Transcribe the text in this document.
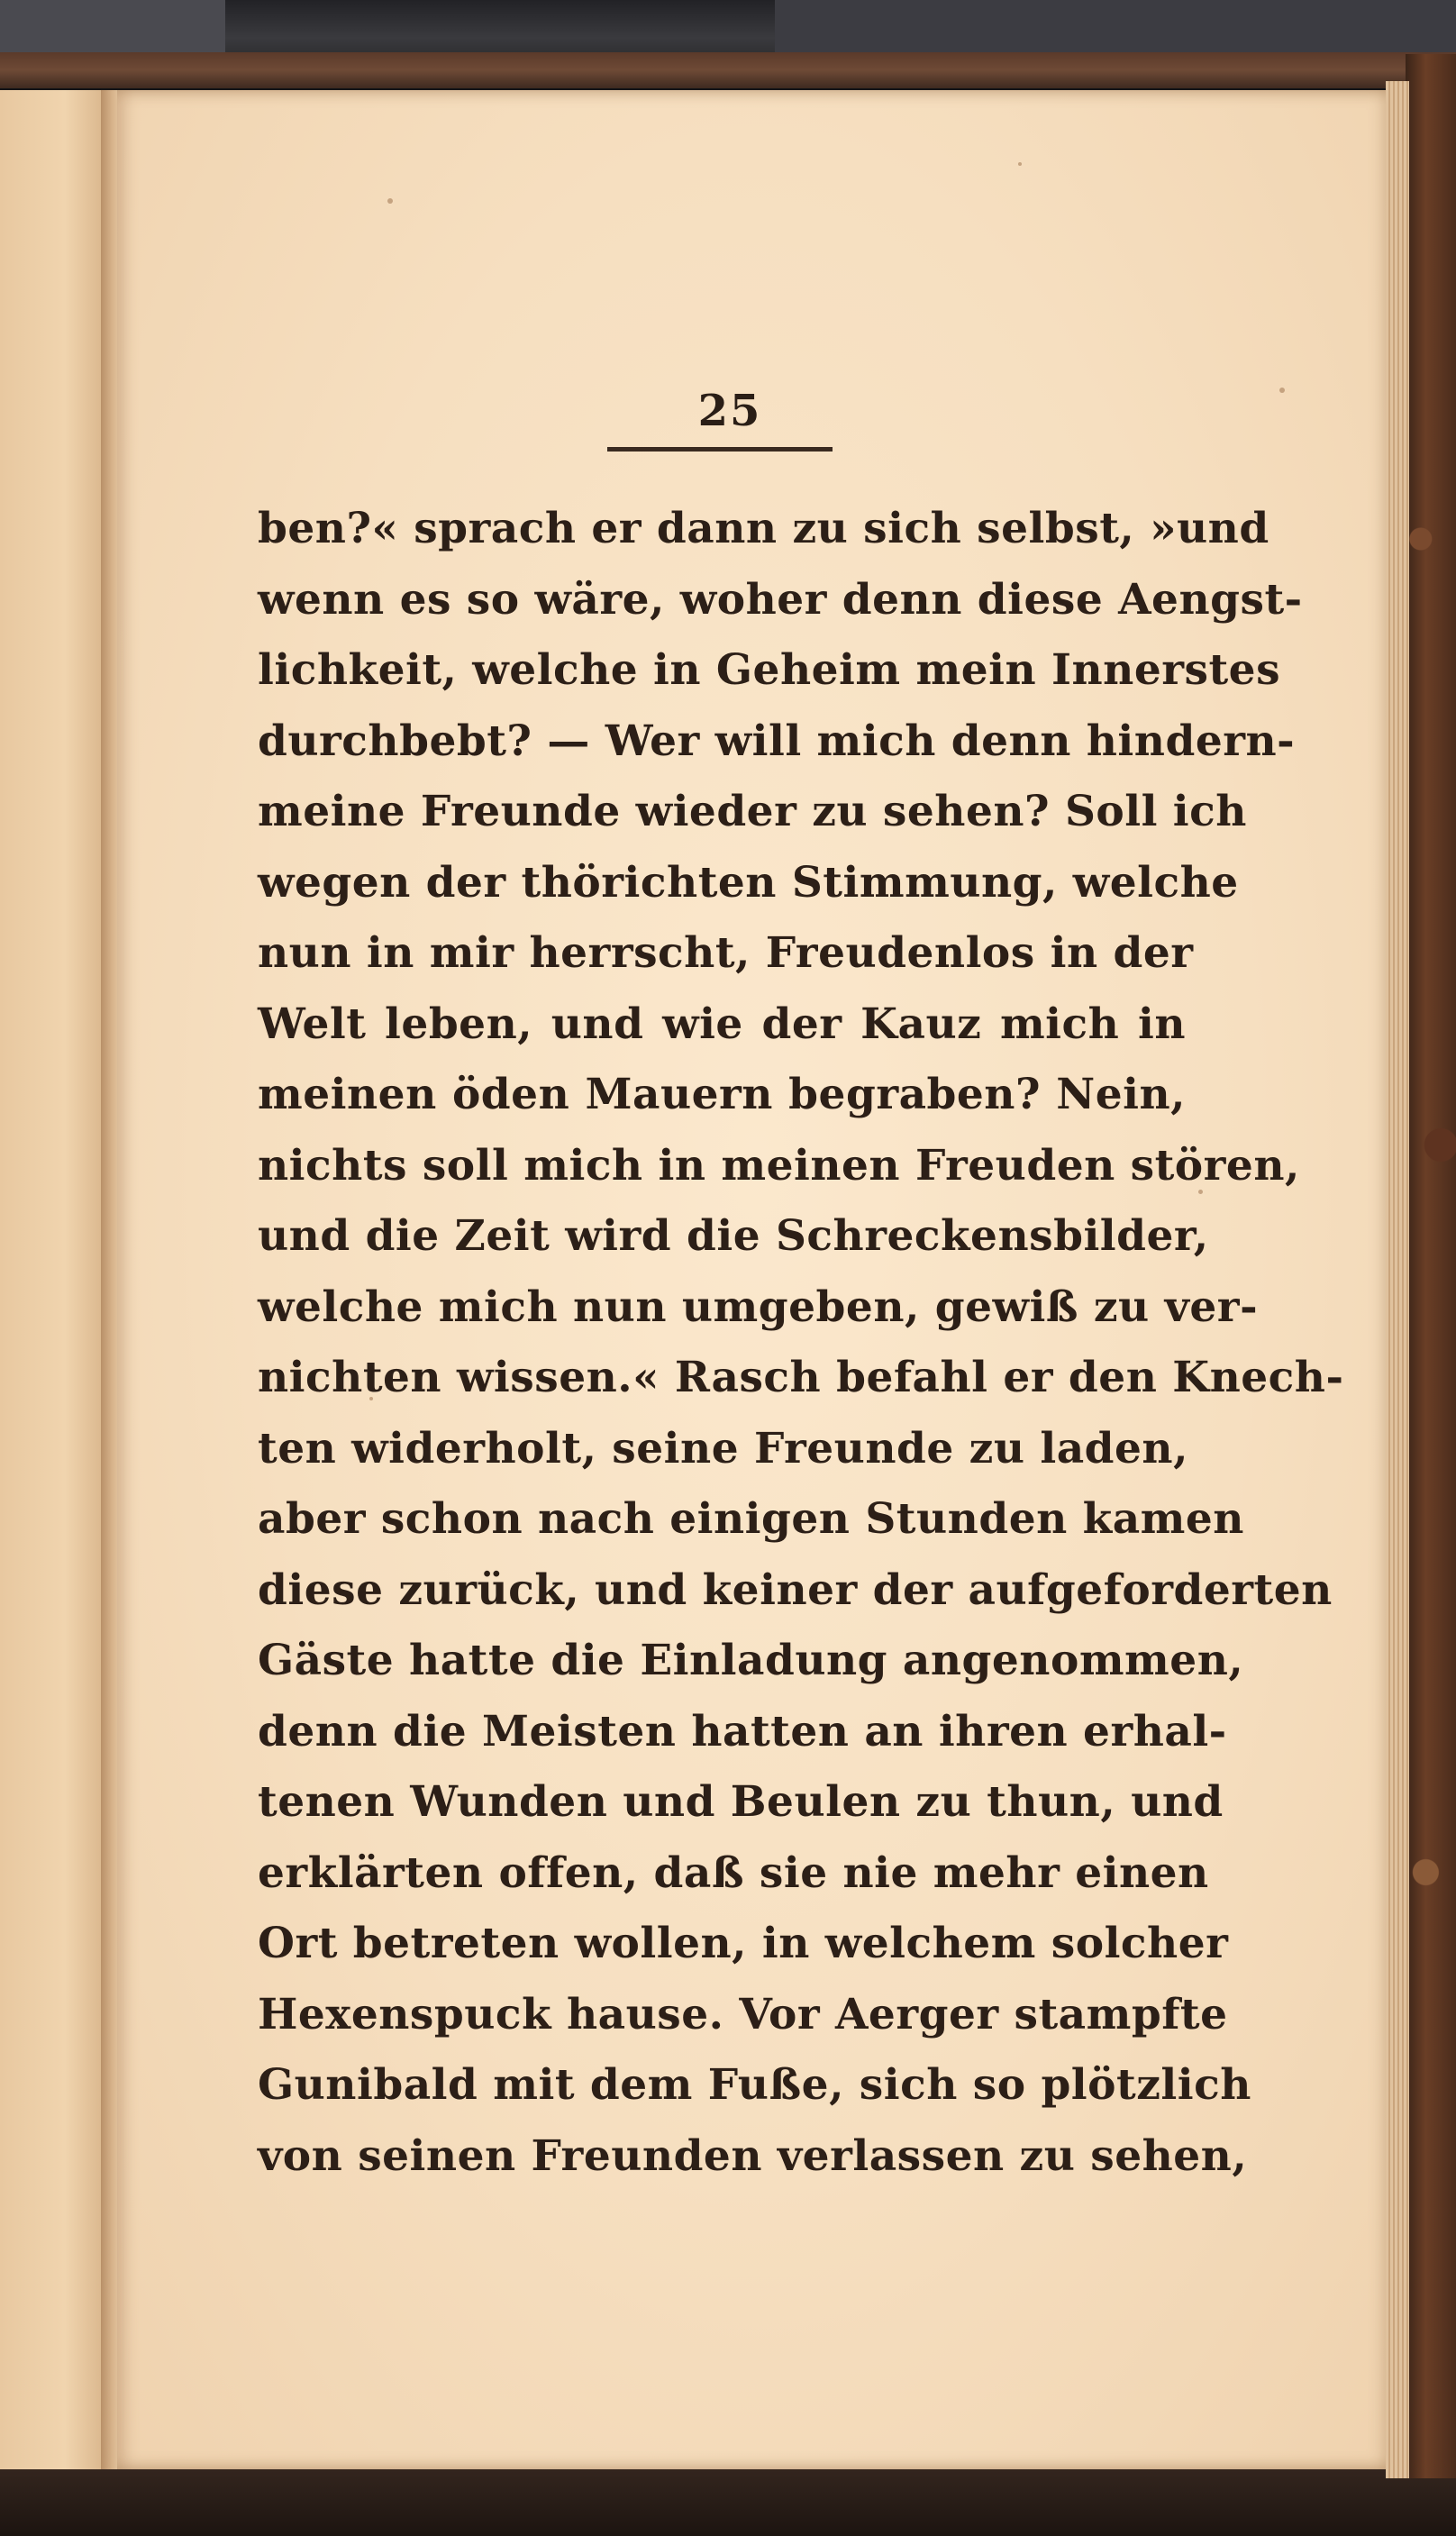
25
ben?« sprach er dann zu sich selbst, »und
wenn es so wäre, woher denn diese Aengst-
lichkeit, welche in Geheim mein Innerstes
durchbebt? — Wer will mich denn hindern-
meine Freunde wieder zu sehen? Soll ich
wegen der thörichten Stimmung, welche
nun in mir herrscht, Freudenlos in der
Welt leben, und wie der Kauz mich in
meinen öden Mauern begraben? Nein,
nichts soll mich in meinen Freuden stören,
und die Zeit wird die Schreckensbilder,
welche mich nun umgeben, gewiß zu ver-
nichten wissen.« Rasch befahl er den Knech-
ten widerholt, seine Freunde zu laden,
aber schon nach einigen Stunden kamen
diese zurück, und keiner der aufgeforderten
Gäste hatte die Einladung angenommen,
denn die Meisten hatten an ihren erhal-
tenen Wunden und Beulen zu thun, und
erklärten offen, daß sie nie mehr einen
Ort betreten wollen, in welchem solcher
Hexenspuck hause. Vor Aerger stampfte
Gunibald mit dem Fuße, sich so plötzlich
von seinen Freunden verlassen zu sehen,
